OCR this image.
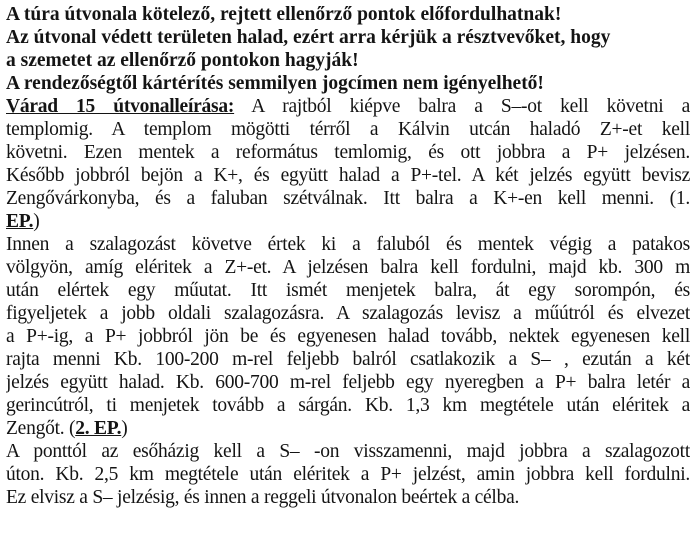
A túra útvonala kötelező, rejtett ellenőrző pontok előfordulhatnak!

Az útvonal védett területen halad, ezért arra kérjük a résztvevőket, hogy

a szemetet az ellenőrző pontokon hagyják!

A rendezőségtől kártérítés semmilyen jogcímen nem igényelhető!

Várad 15 útvonalleírása: A rajtból kiépve balra a S–-ot kell követni a
templomig. A templom mögötti térről a Kálvin utcán haladó Z+-et kell
követni. Ezen mentek a református temlomig, és ott jobbra a P+ jelzésen.
Később jobbról bejön a K+, és együtt halad a P+-tel. A két jelzés együtt bevisz
Zengővárkonyba, és a faluban szétválnak. Itt balra a K+-en kell menni. (1.
EP.)
Innen a szalagozást követve értek ki a faluból és mentek végig a patakos
völgyön, amíg eléritek a Z+-et. A jelzésen balra kell fordulni, majd kb. 300 m
után elértek egy műutat. Itt ismét menjetek balra, át egy sorompón, és
figyeljetek a jobb oldali szalagozásra. A szalagozás levisz a műútról és elvezet
a P+-ig, a P+ jobbról jön be és egyenesen halad tovább, nektek egyenesen kell
rajta menni Kb. 100-200 m-rel feljebb balról csatlakozik a S– , ezután a két
jelzés együtt halad. Kb. 600-700 m-rel feljebb egy nyeregben a P+ balra letér a
gerincútról, ti menjetek tovább a sárgán. Kb. 1,3 km megtétele után eléritek a
Zengőt. (2. EP.)
A ponttól az esőházig kell a S– -on visszamenni, majd jobbra a szalagozott
úton. Kb. 2,5 km megtétele után eléritek a P+ jelzést, amin jobbra kell fordulni.
Ez elvisz a S– jelzésig, és innen a reggeli útvonalon beértek a célba.
